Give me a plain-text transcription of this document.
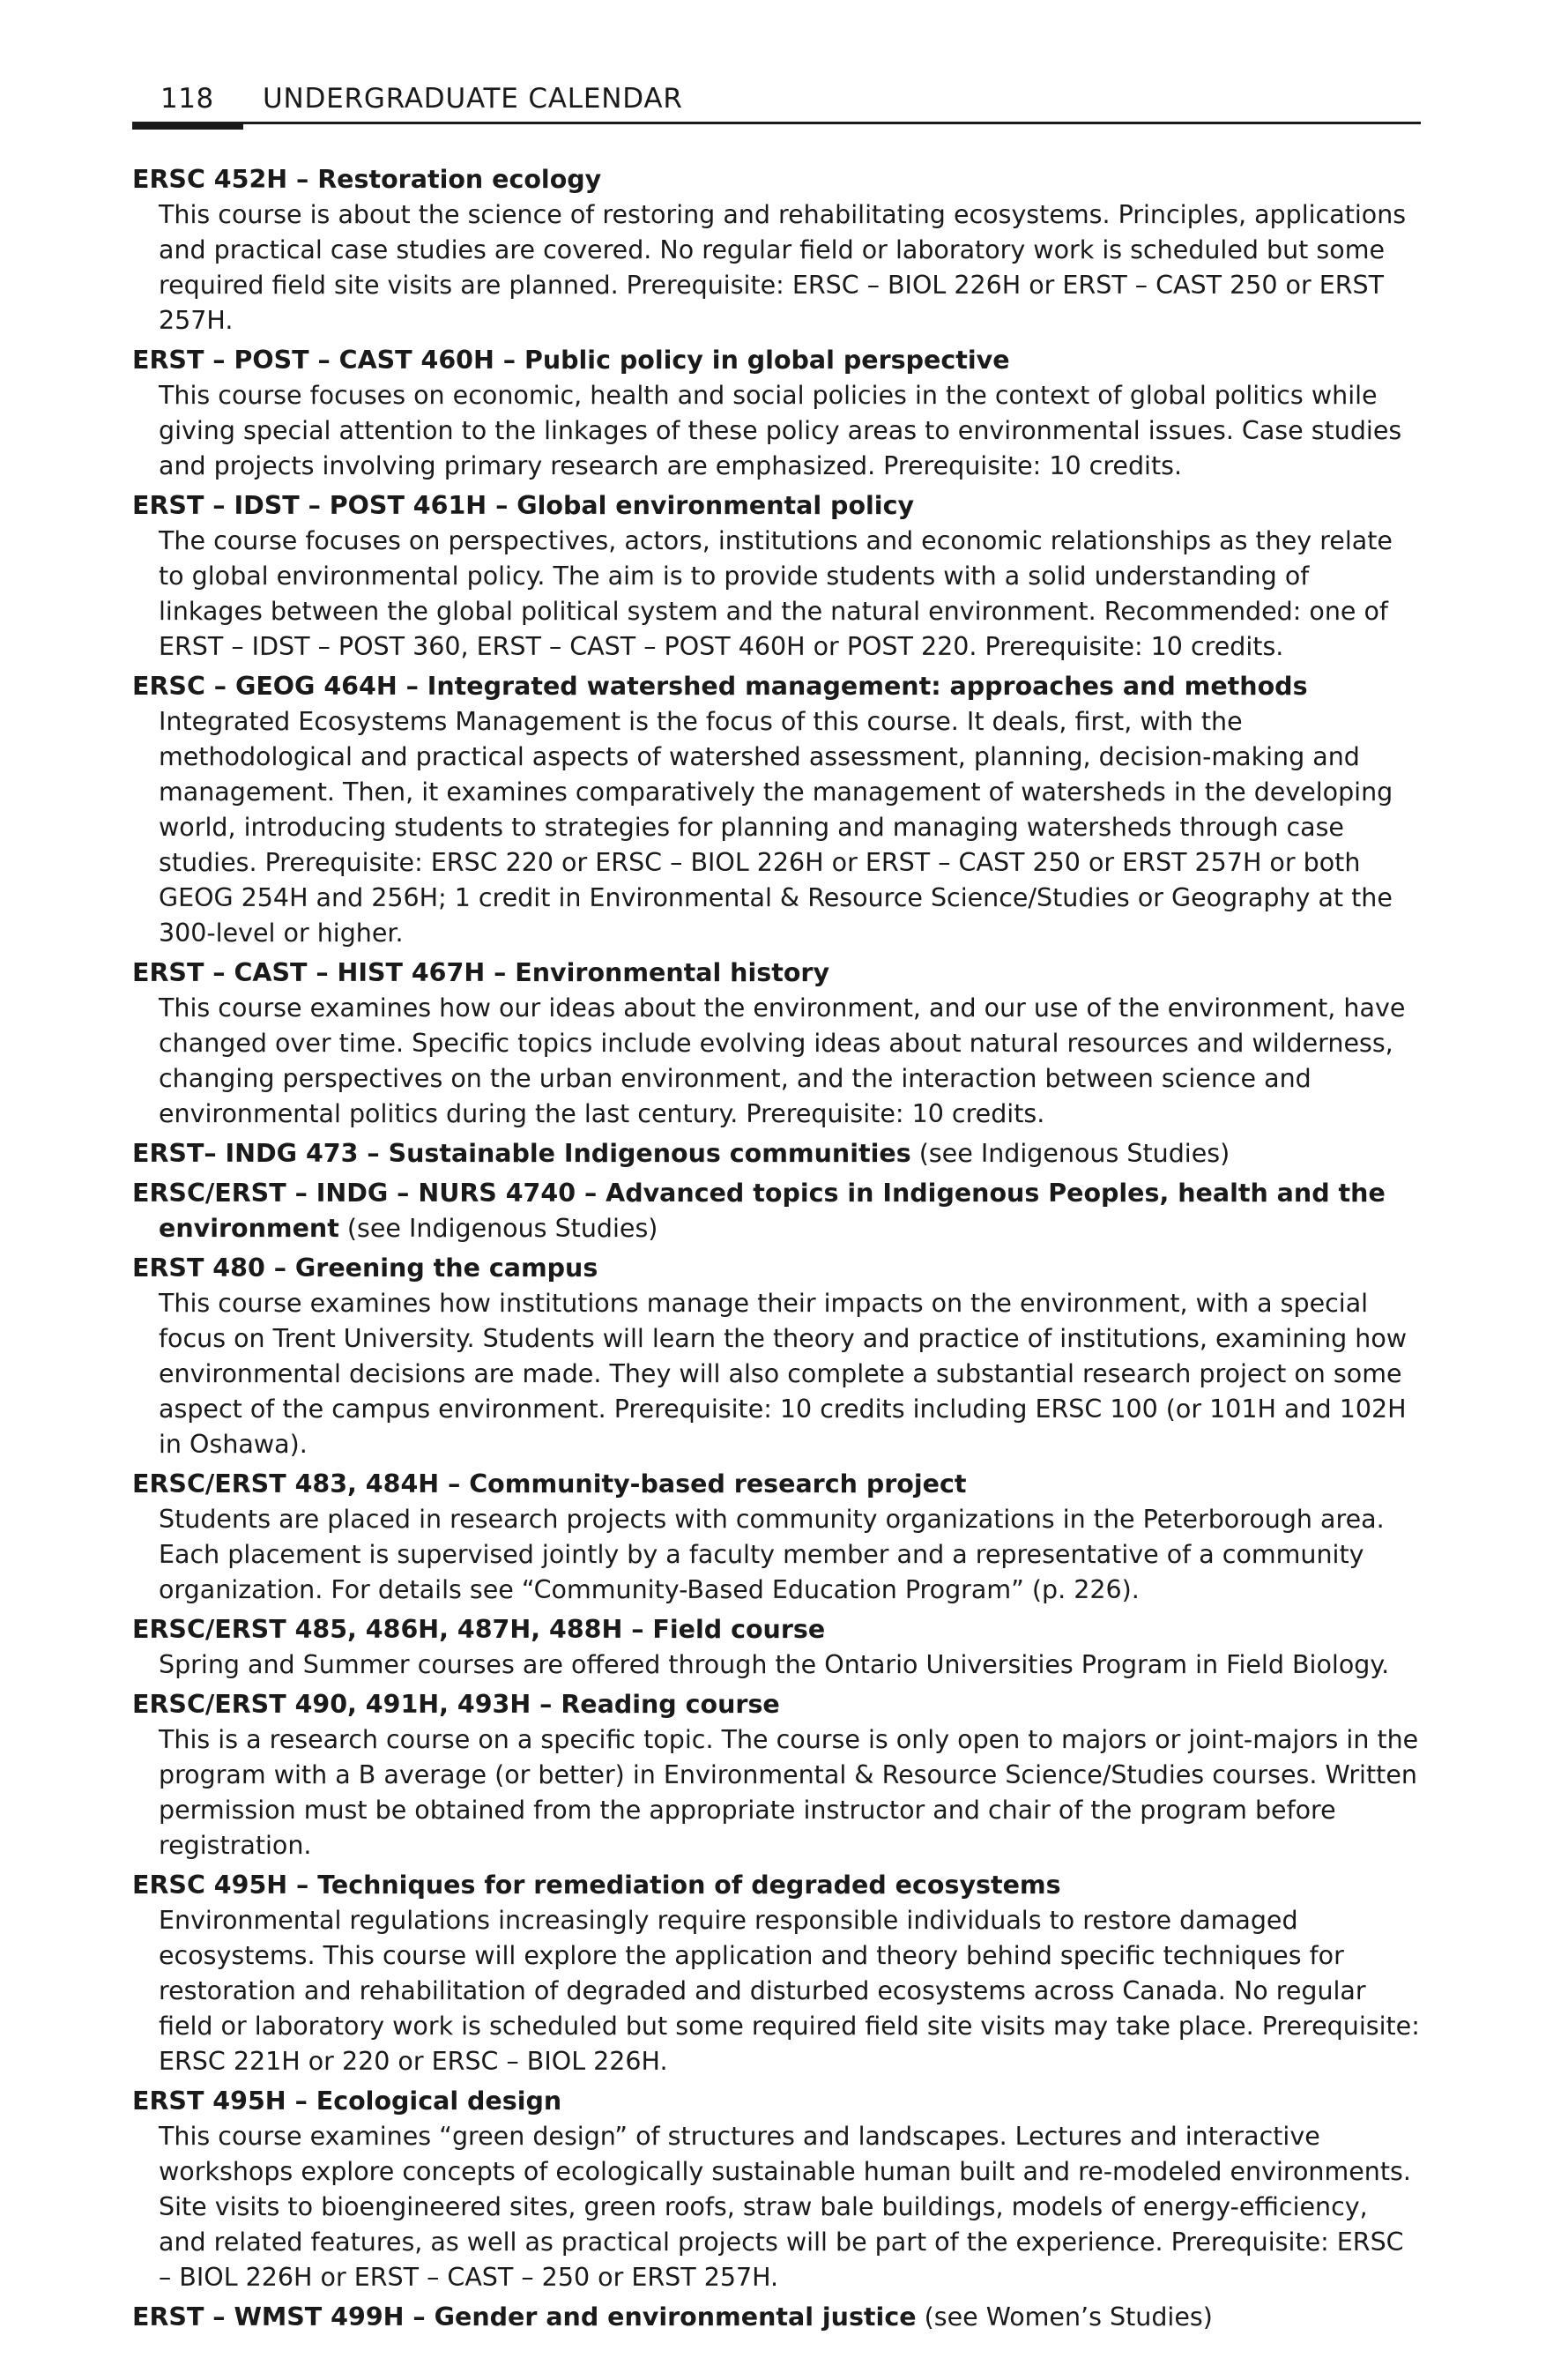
118 UNDERGRADUATE CALENDAR
ERSC 452H – Restoration ecology

This course is about the science of restoring and rehabilitating ecosystems. Principles, applications and practical case studies are covered. No regular field or laboratory work is scheduled but some required field site visits are planned. Prerequisite: ERSC – BIOL 226H or ERST – CAST 250 or ERST 257H.

ERST – POST – CAST 460H – Public policy in global perspective

This course focuses on economic, health and social policies in the context of global politics while giving special attention to the linkages of these policy areas to environmental issues. Case studies and projects involving primary research are emphasized. Prerequisite: 10 credits.

ERST – IDST – POST 461H – Global environmental policy

The course focuses on perspectives, actors, institutions and economic relationships as they relate to global environmental policy. The aim is to provide students with a solid understanding of linkages between the global political system and the natural environment. Recommended: one of ERST – IDST – POST 360, ERST – CAST – POST 460H or POST 220. Prerequisite: 10 credits.

ERSC – GEOG 464H – Integrated watershed management: approaches and methods

Integrated Ecosystems Management is the focus of this course. It deals, first, with the methodological and practical aspects of watershed assessment, planning, decision-making and management. Then, it examines comparatively the management of watersheds in the developing world, introducing students to strategies for planning and managing watersheds through case studies. Prerequisite: ERSC 220 or ERSC – BIOL 226H or ERST – CAST 250 or ERST 257H or both GEOG 254H and 256H; 1 credit in Environmental & Resource Science/Studies or Geography at the 300-level or higher.

ERST – CAST – HIST 467H – Environmental history

This course examines how our ideas about the environment, and our use of the environment, have changed over time. Specific topics include evolving ideas about natural resources and wilderness, changing perspectives on the urban environment, and the interaction between science and environmental politics during the last century. Prerequisite: 10 credits.

ERST– INDG 473 – Sustainable Indigenous communities (see Indigenous Studies)
ERSC/ERST – INDG – NURS 4740 – Advanced topics in Indigenous Peoples, health and the environment (see Indigenous Studies)
ERST 480 – Greening the campus

This course examines how institutions manage their impacts on the environment, with a special focus on Trent University. Students will learn the theory and practice of institutions, examining how environmental decisions are made. They will also complete a substantial research project on some aspect of the campus environment. Prerequisite: 10 credits including ERSC 100 (or 101H and 102H in Oshawa).

ERSC/ERST 483, 484H – Community-based research project

Students are placed in research projects with community organizations in the Peterborough area. Each placement is supervised jointly by a faculty member and a representative of a community organization. For details see “Community-Based Education Program” (p. 226).

ERSC/ERST 485, 486H, 487H, 488H – Field course

Spring and Summer courses are offered through the Ontario Universities Program in Field Biology.

ERSC/ERST 490, 491H, 493H – Reading course

This is a research course on a specific topic. The course is only open to majors or joint-majors in the program with a B average (or better) in Environmental & Resource Science/Studies courses. Written permission must be obtained from the appropriate instructor and chair of the program before registration.

ERSC 495H – Techniques for remediation of degraded ecosystems

Environmental regulations increasingly require responsible individuals to restore damaged ecosystems. This course will explore the application and theory behind specific techniques for restoration and rehabilitation of degraded and disturbed ecosystems across Canada. No regular field or laboratory work is scheduled but some required field site visits may take place. Prerequisite: ERSC 221H or 220 or ERSC – BIOL 226H.

ERST 495H – Ecological design

This course examines “green design” of structures and landscapes. Lectures and interactive workshops explore concepts of ecologically sustainable human built and re-modeled environments. Site visits to bioengineered sites, green roofs, straw bale buildings, models of energy-efficiency, and related features, as well as practical projects will be part of the experience. Prerequisite: ERSC – BIOL 226H or ERST – CAST – 250 or ERST 257H.

ERST – WMST 499H – Gender and environmental justice (see Women’s Studies)
